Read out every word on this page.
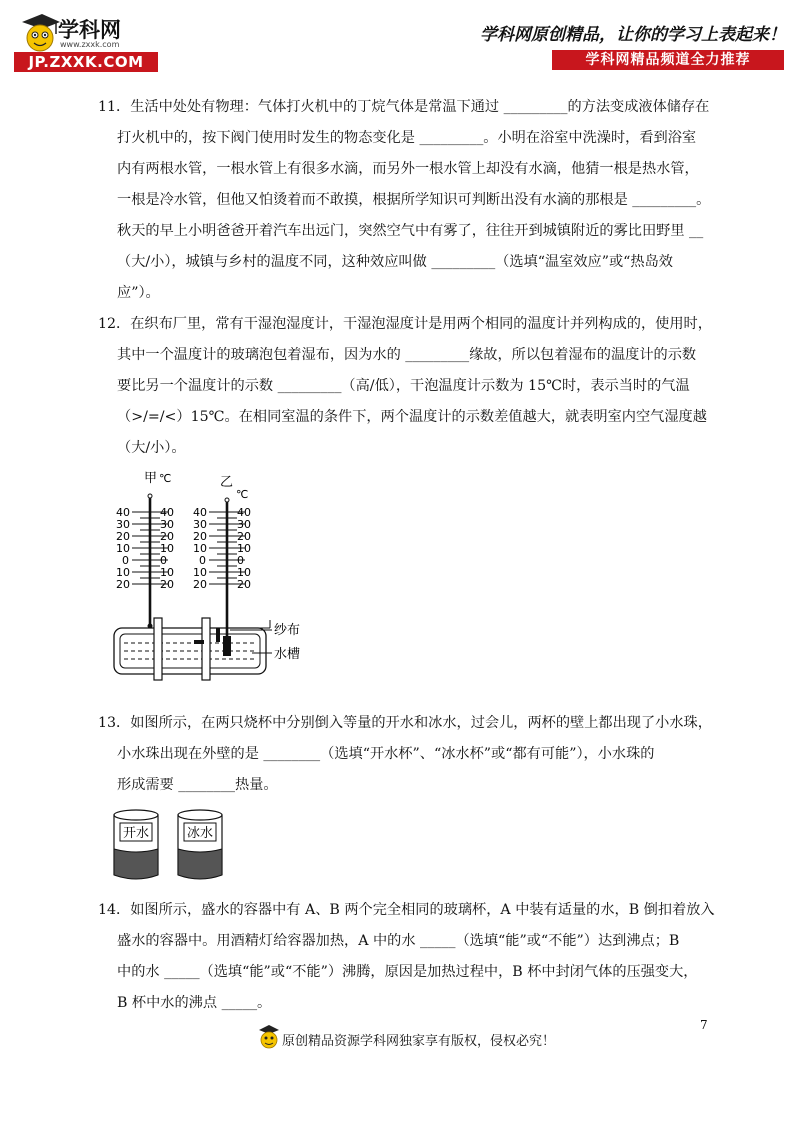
学科网
www.zxxk.com
JP.ZXXK.COM
学科网原创精品，让你的学习上表起来！
学科网精品频道全力推荐
11．生活中处处有物理：气体打火机中的丁烷气体是常温下通过 _________的方法变成液体储存在
打火机中的，按下阀门使用时发生的物态变化是 _________。小明在浴室中洗澡时，看到浴室
内有两根水管，一根水管上有很多水滴，而另外一根水管上却没有水滴，他猜一根是热水管，
一根是冷水管，但他又怕烫着而不敢摸，根据所学知识可判断出没有水滴的那根是 _________。
秋天的早上小明爸爸开着汽车出远门，突然空气中有雾了，往往开到城镇附近的雾比田野里 __
（大/小），城镇与乡村的温度不同，这种效应叫做 _________（选填“温室效应”或“热岛效
应”）。
12．在织布厂里，常有干湿泡湿度计，干湿泡湿度计是用两个相同的温度计并列构成的，使用时，
其中一个温度计的玻璃泡包着湿布，因为水的 _________缘故，所以包着湿布的温度计的示数
要比另一个温度计的示数 _________（高/低），干泡温度计示数为 15℃时，表示当时的气温
（>/=/<）15℃。在相同室温的条件下，两个温度计的示数差值越大，就表明室内空气湿度越
（大/小）。
甲 ℃	乙
℃
40
30
20
10
0
10
20
40
30
20
10
0
10
20
40
30
20
10
0
10
20
40
30
20
10
0
10
20
纱布
水槽
13．如图所示，在两只烧杯中分别倒入等量的开水和冰水，过会儿，两杯的壁上都出现了小水珠，
小水珠出现在外壁的是 ________（选填“开水杯”、“冰水杯”或“都有可能”），小水珠的
形成需要 ________热量。
开水	冰水
14．如图所示，盛水的容器中有 A、B 两个完全相同的玻璃杯，A 中装有适量的水，B 倒扣着放入
盛水的容器中。用酒精灯给容器加热，A 中的水 _____（选填“能”或“不能”）达到沸点；B
中的水 _____（选填“能”或“不能”）沸腾，原因是加热过程中，B 杯中封闭气体的压强变大，
B 杯中水的沸点 _____。
7
原创精品资源学科网独家享有版权，侵权必究！
